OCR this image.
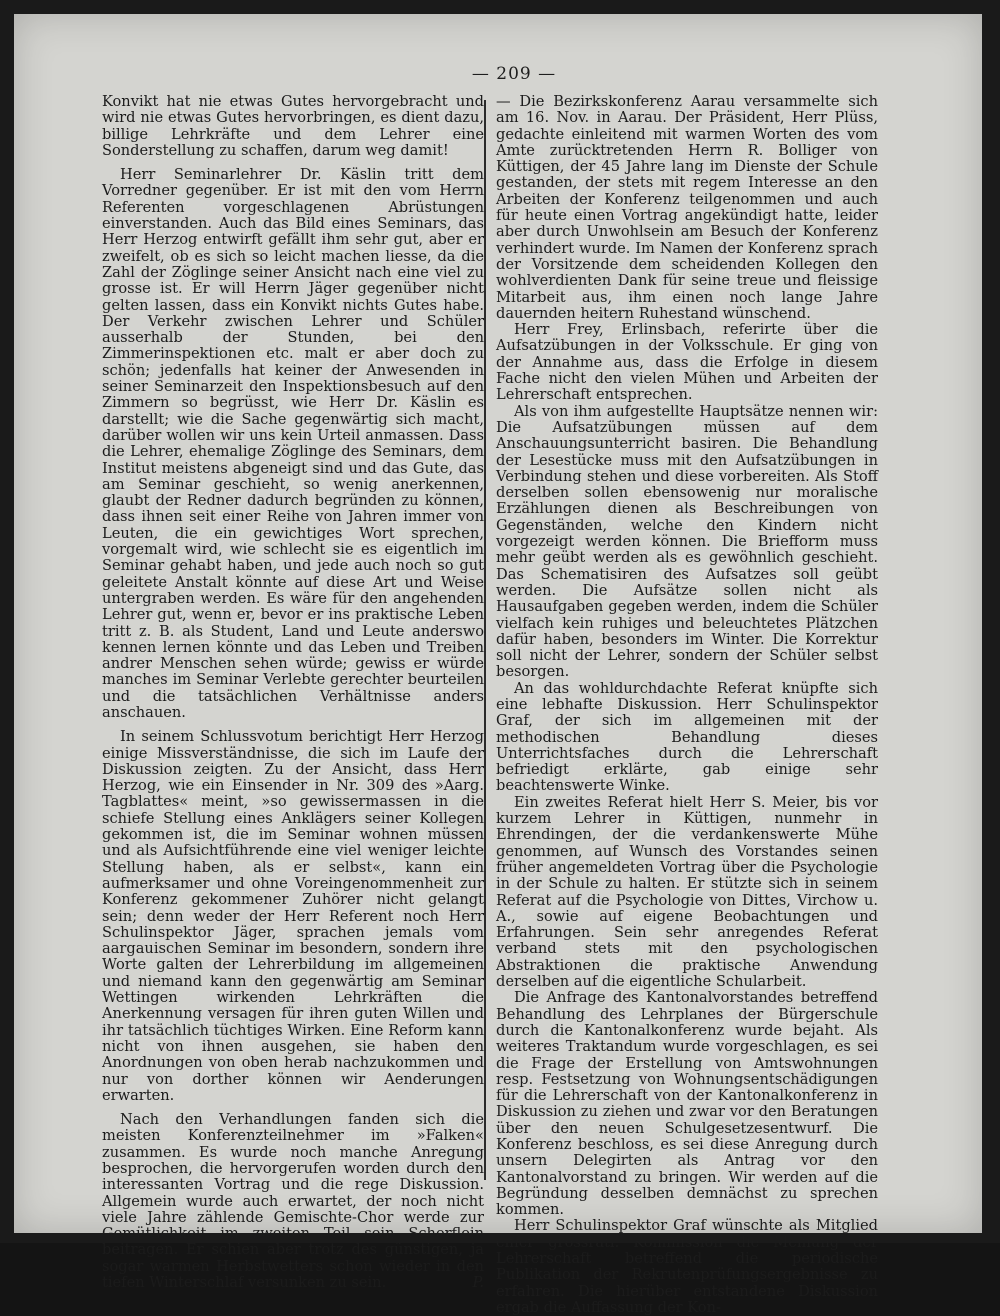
— 209 —

Konvikt hat nie etwas Gutes hervorgebracht und wird nie etwas Gutes hervorbringen, es dient dazu, billige Lehrkräfte und dem Lehrer eine Sonderstellung zu schaffen, darum weg damit!

Herr Seminarlehrer Dr. Käslin tritt dem Vorredner gegenüber. Er ist mit den vom Herrn Referenten vorgeschlagenen Abrüstungen einverstanden. Auch das Bild eines Seminars, das Herr Herzog entwirft gefällt ihm sehr gut, aber er zweifelt, ob es sich so leicht machen liesse, da die Zahl der Zöglinge seiner Ansicht nach eine viel zu grosse ist. Er will Herrn Jäger gegenüber nicht gelten lassen, dass ein Konvikt nichts Gutes habe. Der Verkehr zwischen Lehrer und Schüler ausserhalb der Stunden, bei den Zimmerinspektionen etc. malt er aber doch zu schön; jedenfalls hat keiner der Anwesenden in seiner Seminarzeit den Inspektionsbesuch auf den Zimmern so begrüsst, wie Herr Dr. Käslin es darstellt; wie die Sache gegenwärtig sich macht, darüber wollen wir uns kein Urteil anmassen. Dass die Lehrer, ehemalige Zöglinge des Seminars, dem Institut meistens abgeneigt sind und das Gute, das am Seminar geschieht, so wenig anerkennen, glaubt der Redner dadurch begründen zu können, dass ihnen seit einer Reihe von Jahren immer von Leuten, die ein gewichtiges Wort sprechen, vorgemalt wird, wie schlecht sie es eigentlich im Seminar gehabt haben, und jede auch noch so gut geleitete Anstalt könnte auf diese Art und Weise untergraben werden. Es wäre für den angehenden Lehrer gut, wenn er, bevor er ins praktische Leben tritt z. B. als Student, Land und Leute anderswo kennen lernen könnte und das Leben und Treiben andrer Menschen sehen würde; gewiss er würde manches im Seminar Verlebte gerechter beurteilen und die tatsächlichen Verhältnisse anders anschauen.

In seinem Schlussvotum berichtigt Herr Herzog einige Missverständnisse, die sich im Laufe der Diskussion zeigten. Zu der Ansicht, dass Herr Herzog, wie ein Einsender in Nr. 309 des »Aarg. Tagblattes« meint, »so gewissermassen in die schiefe Stellung eines Anklägers seiner Kollegen gekommen ist, die im Seminar wohnen müssen und als Aufsichtführende eine viel weniger leichte Stellung haben, als er selbst«, kann ein aufmerksamer und ohne Voreingenommenheit zur Konferenz gekommener Zuhörer nicht gelangt sein; denn weder der Herr Referent noch Herr Schulinspektor Jäger, sprachen jemals vom aargauischen Seminar im besondern, sondern ihre Worte galten der Lehrerbildung im allgemeinen und niemand kann den gegenwärtig am Seminar Wettingen wirkenden Lehrkräften die Anerkennung versagen für ihren guten Willen und ihr tatsächlich tüchtiges Wirken. Eine Reform kann nicht von ihnen ausgehen, sie haben den Anordnungen von oben herab nachzukommen und nur von dorther können wir Aenderungen erwarten.

Nach den Verhandlungen fanden sich die meisten Konferenzteilnehmer im »Falken« zusammen. Es wurde noch manche Anregung besprochen, die hervorgerufen worden durch den interessanten Vortrag und die rege Diskussion. Allgemein wurde auch erwartet, der noch nicht viele Jahre zählende Gemischte-Chor werde zur Gemütlichkeit im zweiten Teil sein Scherflein beitragen. Er schien aber trotz des günstigen, ja sogar warmen Herbstwetters schon wieder in den tiefen Winterschlaf versunken zu sein.	P.

— Die Bezirkskonferenz Aarau versammelte sich am 16. Nov. in Aarau. Der Präsident, Herr Plüss, gedachte einleitend mit warmen Worten des vom Amte zurücktretenden Herrn R. Bolliger von Küttigen, der 45 Jahre lang im Dienste der Schule gestanden, der stets mit regem Interesse an den Arbeiten der Konferenz teilgenommen und auch für heute einen Vortrag angekündigt hatte, leider aber durch Unwohlsein am Besuch der Konferenz verhindert wurde. Im Namen der Konferenz sprach der Vorsitzende dem scheidenden Kollegen den wohlverdienten Dank für seine treue und fleissige Mitarbeit aus, ihm einen noch lange Jahre dauernden heitern Ruhestand wünschend.

Herr Frey, Erlinsbach, referirte über die Aufsatzübungen in der Volksschule. Er ging von der Annahme aus, dass die Erfolge in diesem Fache nicht den vielen Mühen und Arbeiten der Lehrerschaft entsprechen.

Als von ihm aufgestellte Hauptsätze nennen wir: Die Aufsatzübungen müssen auf dem Anschauungsunterricht basiren. Die Behandlung der Lesestücke muss mit den Aufsatzübungen in Verbindung stehen und diese vorbereiten. Als Stoff derselben sollen ebensowenig nur moralische Erzählungen dienen als Beschreibungen von Gegenständen, welche den Kindern nicht vorgezeigt werden können. Die Briefform muss mehr geübt werden als es gewöhnlich geschieht. Das Schematisiren des Aufsatzes soll geübt werden. Die Aufsätze sollen nicht als Hausaufgaben gegeben werden, indem die Schüler vielfach kein ruhiges und beleuchtetes Plätzchen dafür haben, besonders im Winter. Die Korrektur soll nicht der Lehrer, sondern der Schüler selbst besorgen.

An das wohldurchdachte Referat knüpfte sich eine lebhafte Diskussion. Herr Schulinspektor Graf, der sich im allgemeinen mit der methodischen Behandlung dieses Unterrichtsfaches durch die Lehrerschaft befriedigt erklärte, gab einige sehr beachtenswerte Winke.

Ein zweites Referat hielt Herr S. Meier, bis vor kurzem Lehrer in Küttigen, nunmehr in Ehrendingen, der die verdankenswerte Mühe genommen, auf Wunsch des Vorstandes seinen früher angemeldeten Vortrag über die Psychologie in der Schule zu halten. Er stützte sich in seinem Referat auf die Psychologie von Dittes, Virchow u. A., sowie auf eigene Beobachtungen und Erfahrungen. Sein sehr anregendes Referat verband stets mit den psychologischen Abstraktionen die praktische Anwendung derselben auf die eigentliche Schularbeit.

Die Anfrage des Kantonalvorstandes betreffend Behandlung des Lehrplanes der Bürgerschule durch die Kantonalkonferenz wurde bejaht. Als weiteres Traktandum wurde vorgeschlagen, es sei die Frage der Erstellung von Amtswohnungen resp. Festsetzung von Wohnungsentschädigungen für die Lehrerschaft von der Kantonalkonferenz in Diskussion zu ziehen und zwar vor den Beratungen über den neuen Schulgesetzesentwurf. Die Konferenz beschloss, es sei diese Anregung durch unsern Delegirten als Antrag vor den Kantonalvorstand zu bringen. Wir werden auf die Begründung desselben demnächst zu sprechen kommen.

Herr Schulinspektor Graf wünschte als Mitglied einer grossrätl. Kommission die Meinung der Lehrerschaft betreffend die periodische Publikation der Rekrutenprüfungsergebnisse zu erfahren. Die hierüber entstandene Diskussion ergab die Auffassung der Kon-
